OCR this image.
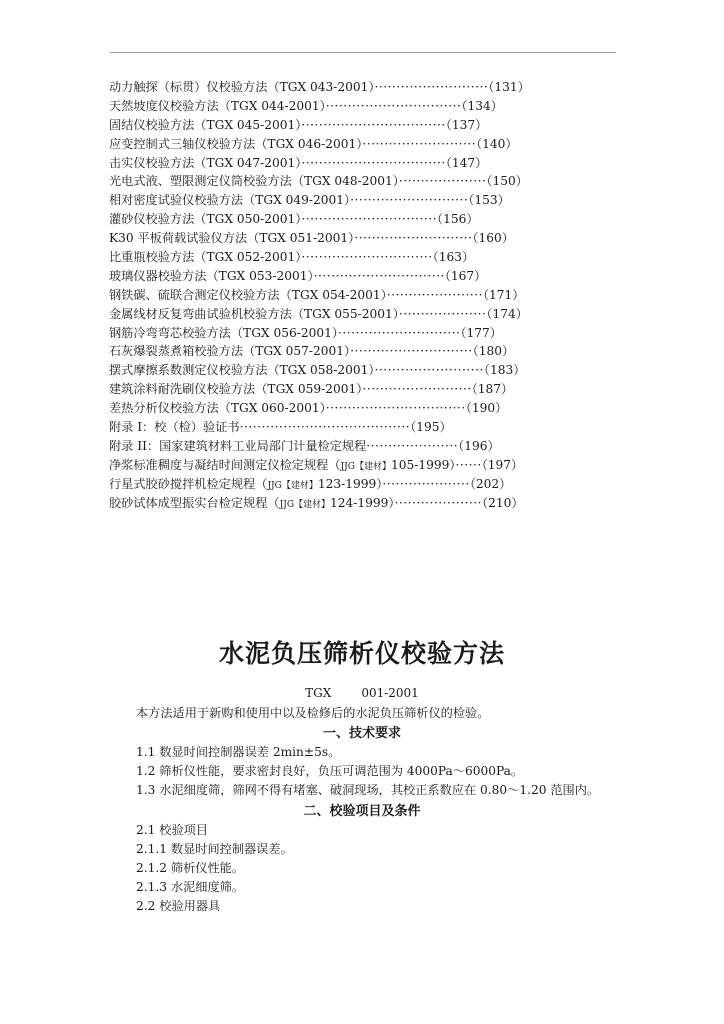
动力触探（标贯）仪校验方法（TGX 043-2001）··························（131）
天然坡度仪校验方法（TGX 044-2001）·······························（134）
固结仪校验方法（TGX 045-2001）·································（137）
应变控制式三轴仪校验方法（TGX 046-2001）··························（140）
击实仪校验方法（TGX 047-2001）·································（147）
光电式液、塑限测定仪筒校验方法（TGX 048-2001）····················（150）
相对密度试验仪校验方法（TGX 049-2001）···························（153）
灌砂仪校验方法（TGX 050-2001）·······························（156）
K30 平板荷载试验仪方法（TGX 051-2001）···························（160）
比重瓶校验方法（TGX 052-2001）······························（163）
玻璃仪器校验方法（TGX 053-2001）······························（167）
钢铁碳、硫联合测定仪校验方法（TGX 054-2001）······················（171）
金属线材反复弯曲试验机校验方法（TGX 055-2001）····················（174）
钢筋冷弯弯芯校验方法（TGX 056-2001）····························（177）
石灰爆裂蒸煮箱校验方法（TGX 057-2001）····························（180）
摆式摩擦系数测定仪校验方法（TGX 058-2001）·························（183）
建筑涂料耐洗刷仪校验方法（TGX 059-2001）·························（187）
差热分析仪校验方法（TGX 060-2001）································（190）
附录 I：校（检）验证书·······································（195）
附录 II：国家建筑材料工业局部门计量检定规程·····················（196）
净浆标准稠度与凝结时间测定仪检定规程（JJG【建材】105-1999）······（197）
行星式胶砂搅拌机检定规程（JJG【建材】123-1999）····················（202）
胶砂试体成型振实台检定规程（JJG【建材】124-1999）····················（210）
水泥负压筛析仪校验方法
TGX	001-2001
本方法适用于新购和使用中以及检修后的水泥负压筛析仪的检验。
一、技术要求
1.1 数显时间控制器误差 2min±5s。
1.2 筛析仪性能，要求密封良好，负压可调范围为 4000Pa～6000Pa。
1.3 水泥细度筛，筛网不得有堵塞、破洞现场，其校正系数应在 0.80～1.20 范围内。
二、校验项目及条件
2.1 校验项目
2.1.1 数显时间控制器误差。
2.1.2 筛析仪性能。
2.1.3 水泥细度筛。
2.2 校验用器具
